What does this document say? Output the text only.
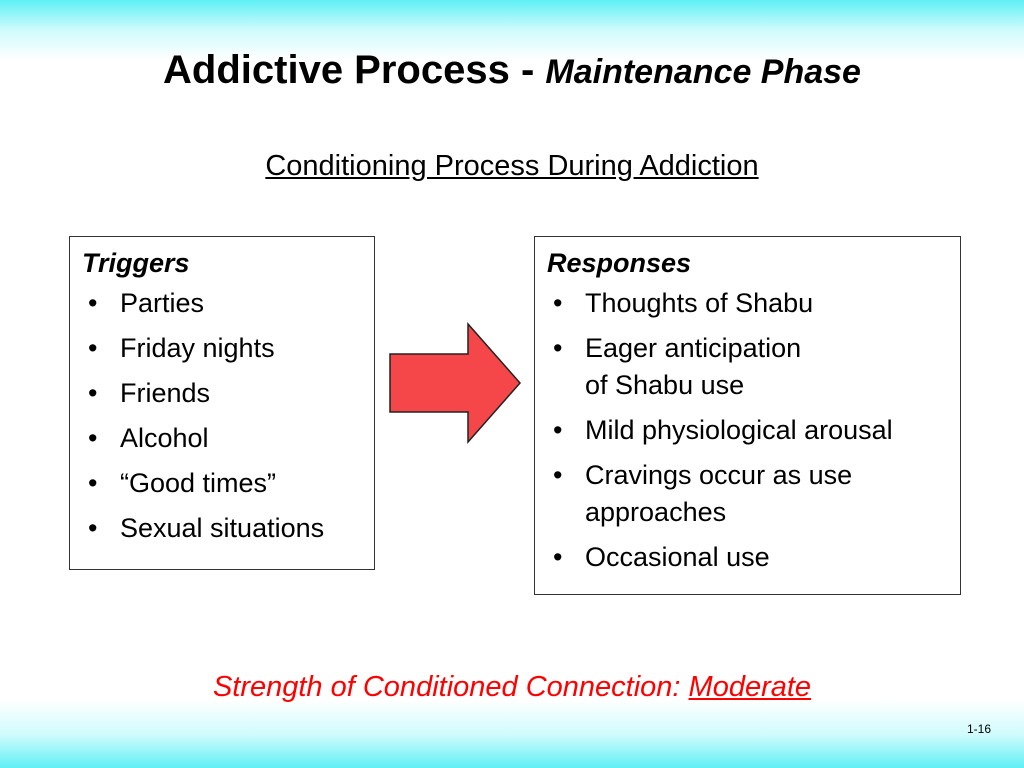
Addictive Process - Maintenance Phase
Conditioning Process During Addiction
Triggers
• Parties
• Friday nights
• Friends
• Alcohol
• “Good times”
• Sexual situations
Responses
• Thoughts of Shabu
• Eager anticipation
of Shabu use
• Mild physiological arousal
• Cravings occur as use approaches
• Occasional use
Strength of Conditioned Connection: Moderate
1-16
